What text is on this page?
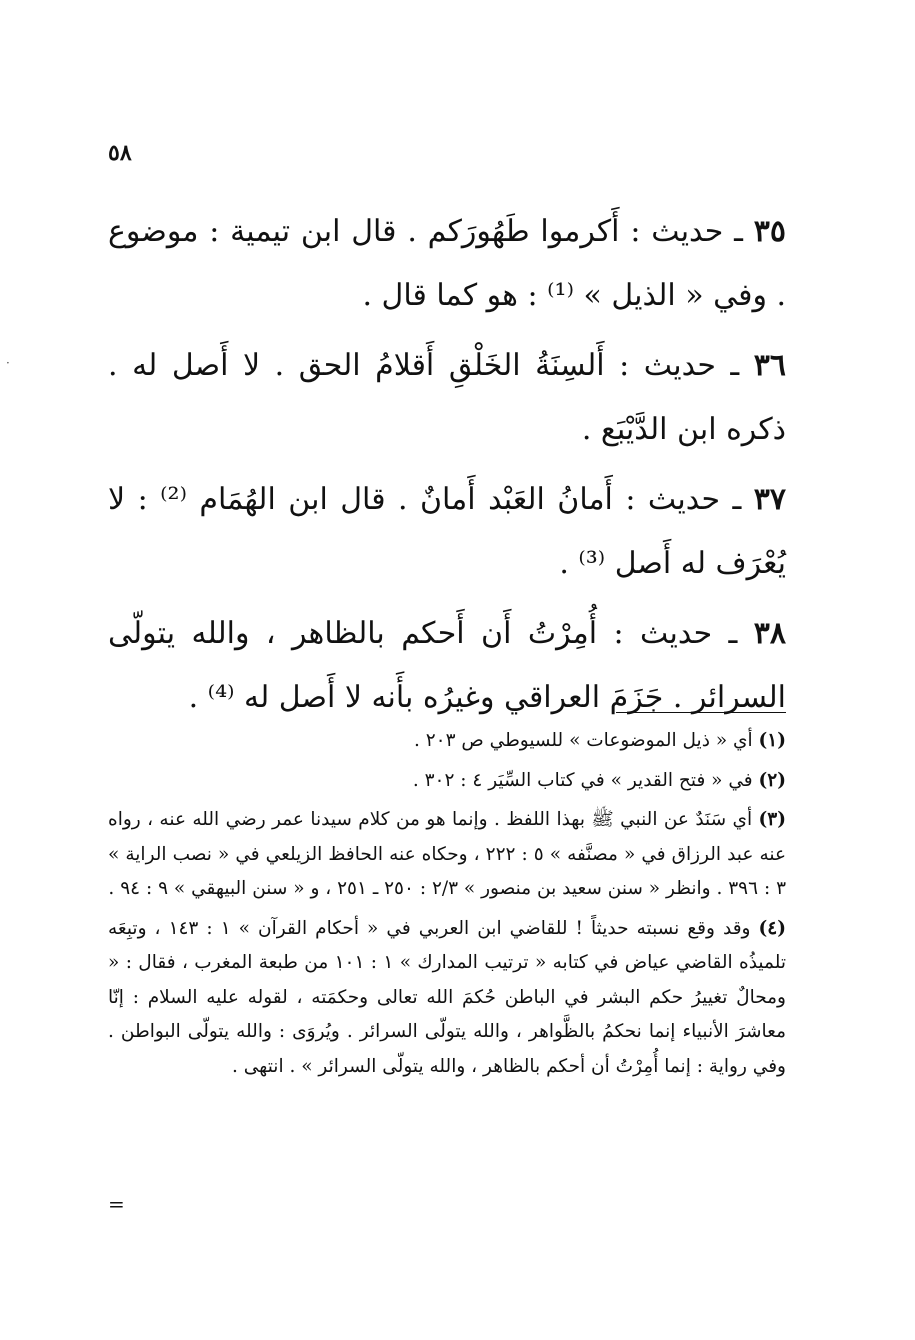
٥٨

٣٥ ـ حديث : أَكرموا طَهُورَكم . قال ابن تيمية : موضوع . وفي « الذيل » ⁽¹⁾ : هو كما قال .

٣٦ ـ حديث : أَلسِنَةُ الخَلْقِ أَقلامُ الحق . لا أَصل له . ذكره ابن الدَّيْبَع .

٣٧ ـ حديث : أَمانُ العَبْد أَمانٌ . قال ابن الهُمَام ⁽²⁾ : لا يُعْرَف له أَصل ⁽³⁾ .

٣٨ ـ حديث : أُمِرْتُ أَن أَحكم بالظاهر ، والله يتولّى السرائر . جَزَمَ العراقي وغيرُه بأَنه لا أَصل له ⁽⁴⁾ .

(١) أي « ذيل الموضوعات » للسيوطي ص ٢٠٣ .

(٢) في « فتح القدير » في كتاب السِّيَر ٤ : ٣٠٢ .

(٣) أي سَنَدٌ عن النبي ﷺ بهذا اللفظ . وإنما هو من كلام سيدنا عمر رضي الله عنه ، رواه عنه عبد الرزاق في « مصنَّفه » ٥ : ٢٢٢ ، وحكاه عنه الحافظ الزيلعي في « نصب الراية » ٣ : ٣٩٦ . وانظر « سنن سعيد بن منصور » ٢/٣ : ٢٥٠ ـ ٢٥١ ، و « سنن البيهقي » ٩ : ٩٤ .

(٤) وقد وقع نسبته حديثاً ! للقاضي ابن العربي في « أحكام القرآن » ١ : ١٤٣ ، وتبِعَه تلميذُه القاضي عياض في كتابه « ترتيب المدارك » ١ : ١٠١ من طبعة المغرب ، فقال : « ومحالٌ تغييرُ حكم البشر في الباطن حُكمَ الله تعالى وحكمَته ، لقوله عليه السلام : إنّا معاشرَ الأنبياء إنما نحكمُ بالظَّواهر ، والله يتولّى السرائر . ويُروَى : والله يتولّى البواطن . وفي رواية : إنما أُمِرْتُ أن أحكم بالظاهر ، والله يتولّى السرائر » . انتهى .

=
·
